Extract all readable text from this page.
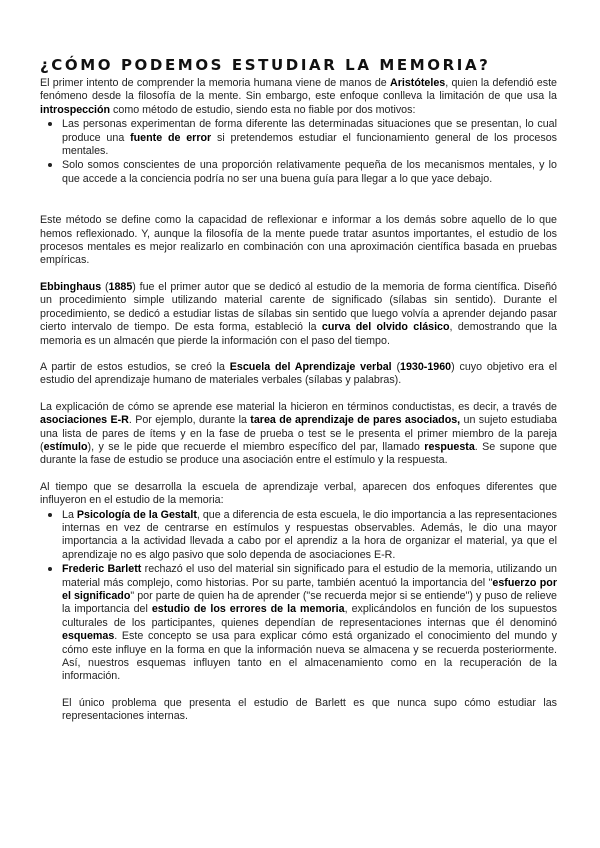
¿CÓMO PODEMOS ESTUDIAR LA MEMORIA?

El primer intento de comprender la memoria humana viene de manos de Aristóteles, quien la defendió este fenómeno desde la filosofía de la mente. Sin embargo, este enfoque conlleva la limitación de que usa la introspección como método de estudio, siendo esta no fiable por dos motivos:

• Las personas experimentan de forma diferente las determinadas situaciones que se presentan, lo cual produce una fuente de error si pretendemos estudiar el funcionamiento general de los procesos mentales.
• Solo somos conscientes de una proporción relativamente pequeña de los mecanismos mentales, y lo que accede a la conciencia podría no ser una buena guía para llegar a lo que yace debajo.

Este método se define como la capacidad de reflexionar e informar a los demás sobre aquello de lo que hemos reflexionado. Y, aunque la filosofía de la mente puede tratar asuntos importantes, el estudio de los procesos mentales es mejor realizarlo en combinación con una aproximación científica basada en pruebas empíricas.

Ebbinghaus (1885) fue el primer autor que se dedicó al estudio de la memoria de forma científica. Diseñó un procedimiento simple utilizando material carente de significado (sílabas sin sentido). Durante el procedimiento, se dedicó a estudiar listas de sílabas sin sentido que luego volvía a aprender dejando pasar cierto intervalo de tiempo. De esta forma, estableció la curva del olvido clásico, demostrando que la memoria es un almacén que pierde la información con el paso del tiempo.

A partir de estos estudios, se creó la Escuela del Aprendizaje verbal (1930-1960) cuyo objetivo era el estudio del aprendizaje humano de materiales verbales (sílabas y palabras).

La explicación de cómo se aprende ese material la hicieron en términos conductistas, es decir, a través de asociaciones E-R. Por ejemplo, durante la tarea de aprendizaje de pares asociados, un sujeto estudiaba una lista de pares de ítems y en la fase de prueba o test se le presenta el primer miembro de la pareja (estímulo), y se le pide que recuerde el miembro específico del par, llamado respuesta. Se supone que durante la fase de estudio se produce una asociación entre el estímulo y la respuesta.

Al tiempo que se desarrolla la escuela de aprendizaje verbal, aparecen dos enfoques diferentes que influyeron en el estudio de la memoria:

• La Psicología de la Gestalt, que a diferencia de esta escuela, le dio importancia a las representaciones internas en vez de centrarse en estímulos y respuestas observables. Además, le dio una mayor importancia a la actividad llevada a cabo por el aprendiz a la hora de organizar el material, ya que el aprendizaje no es algo pasivo que solo dependa de asociaciones E-R.
• Frederic Barlett rechazó el uso del material sin significado para el estudio de la memoria, utilizando un material más complejo, como historias. Por su parte, también acentuó la importancia del "esfuerzo por el significado" por parte de quien ha de aprender ("se recuerda mejor si se entiende") y puso de relieve la importancia del estudio de los errores de la memoria, explicándolos en función de los supuestos culturales de los participantes, quienes dependían de representaciones internas que él denominó esquemas. Este concepto se usa para explicar cómo está organizado el conocimiento del mundo y cómo este influye en la forma en que la información nueva se almacena y se recuerda posteriormente. Así, nuestros esquemas influyen tanto en el almacenamiento como en la recuperación de la información.

El único problema que presenta el estudio de Barlett es que nunca supo cómo estudiar las representaciones internas.
